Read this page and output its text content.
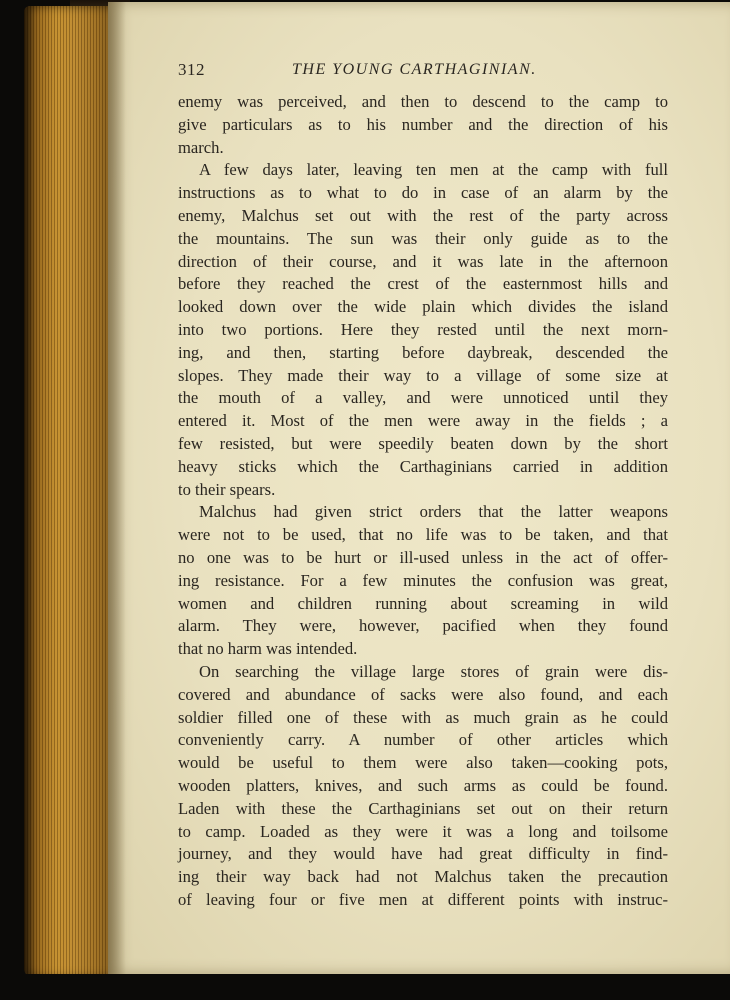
312	THE YOUNG CARTHAGINIAN.
enemy was perceived, and then to descend to the camp to
give particulars as to his number and the direction of his
march.
A few days later, leaving ten men at the camp with full
instructions as to what to do in case of an alarm by the
enemy, Malchus set out with the rest of the party across
the mountains. The sun was their only guide as to the
direction of their course, and it was late in the afternoon
before they reached the crest of the easternmost hills and
looked down over the wide plain which divides the island
into two portions. Here they rested until the next morn-
ing, and then, starting before daybreak, descended the
slopes. They made their way to a village of some size at
the mouth of a valley, and were unnoticed until they
entered it. Most of the men were away in the fields ; a
few resisted, but were speedily beaten down by the short
heavy sticks which the Carthaginians carried in addition
to their spears.
Malchus had given strict orders that the latter weapons
were not to be used, that no life was to be taken, and that
no one was to be hurt or ill-used unless in the act of offer-
ing resistance. For a few minutes the confusion was great,
women and children running about screaming in wild
alarm. They were, however, pacified when they found
that no harm was intended.
On searching the village large stores of grain were dis-
covered and abundance of sacks were also found, and each
soldier filled one of these with as much grain as he could
conveniently carry. A number of other articles which
would be useful to them were also taken—cooking pots,
wooden platters, knives, and such arms as could be found.
Laden with these the Carthaginians set out on their return
to camp. Loaded as they were it was a long and toilsome
journey, and they would have had great difficulty in find-
ing their way back had not Malchus taken the precaution
of leaving four or five men at different points with instruc-
